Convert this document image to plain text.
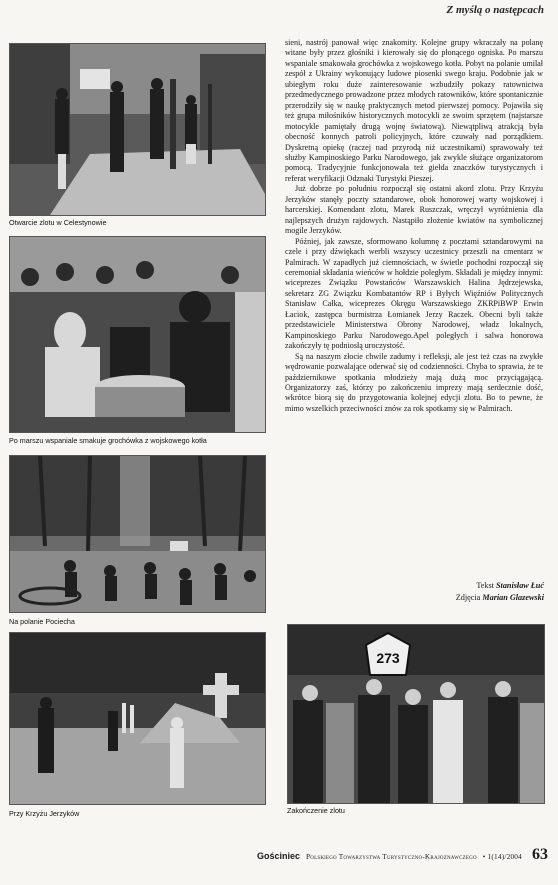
Z myślą o następcach
Otwarcie zlotu w Celestynowie
Po marszu wspaniale smakuje grochówka z wojskowego kotła
Na polanie Pociecha
Przy Krzyżu Jerzyków
273
Zakończenie zlotu

sieni, nastrój panował więc znakomity. Kolejne grupy wkraczały na polanę witane były przez głośniki i kierowały się do płonącego ogniska. Po marszu wspaniale smakowała grochówka z wojskowego kotła. Pobyt na polanie umilał zespół z Ukrainy wykonujący ludowe piosenki swego kraju. Podobnie jak w ubiegłym roku duże zainteresowanie wzbudziły pokazy ratownictwa przedmedycznego prowadzone przez młodych ratowników, które spontanicznie przerodziły się w naukę praktycznych metod pierwszej pomocy. Pojawiła się też grupa miłośników historycznych motocykli ze swoim sprzętem (najstarsze motocykle pamiętały drugą wojnę światową). Niewątpliwą atrakcją była obecność konnych patroli policyjnych, które czuwały nad porządkiem. Dyskretną opiekę (raczej nad przyrodą niż uczestnikami) sprawowały też służby Kampinoskiego Parku Narodowego, jak zwykle służące organizatorom pomocą. Tradycyjnie funkcjonowała też giełda znaczków turystycznych i referat weryfikacji Odznaki Turystyki Pieszej.

Już dobrze po południu rozpoczął się ostatni akord zlotu. Przy Krzyżu Jerzyków stanęły poczty sztandarowe, obok honorowej warty wojskowej i harcerskiej. Komendant zlotu, Marek Ruszczak, wręczył wyróżnienia dla najlepszych drużyn rajdowych. Nastąpiło złożenie kwiatów na symbolicznej mogile Jerzyków.

Później, jak zawsze, sformowano kolumnę z pocztami sztandarowymi na czele i przy dźwiękach werbli wszyscy uczestnicy przeszli na cmentarz w Palmirach. W zapadłych już ciemnościach, w świetle pochodni rozpoczął się ceremoniał składania wieńców w hołdzie poległym. Składali je między innymi: wiceprezes Związku Powstańców Warszawskich Halina Jędrzejewska, sekretarz ZG Związku Kombatantów RP i Byłych Więźniów Politycznych Stanisław Całka, wiceprezes Okręgu Warszawskiego ZKRPiBWP Erwin Łaciok, zastępca burmistrza Łomianek Jerzy Raczek. Obecni byli także przedstawiciele Ministerstwa Obrony Narodowej, władz lokalnych, Kampinoskiego Parku Narodowego.Apel poległych i salwa honorowa zakończyły tę podniosłą uroczystość.

Są na naszym złocie chwile zadumy i refleksji, ale jest też czas na zwykłe wędrowanie pozwalające oderwać się od codzienności. Chyba to sprawia, że te październikowe spotkania młodzieży mają dużą moc przyciągającą. Organizatorzy zaś, którzy po zakończeniu imprezy mają serdecznie dość, wkrótce biorą się do przygotowania kolejnej edycji zlotu. Bo to pewne, że mimo wszelkich przeciwności znów za rok spotkamy się w Palmirach.

Tekst Stanisław Łuć
Zdjęcia Marian Glazewski
Gościniec Polskiego Towarzystwa Turystyczno-Krajoznawczego • 1(14)/2004 63
